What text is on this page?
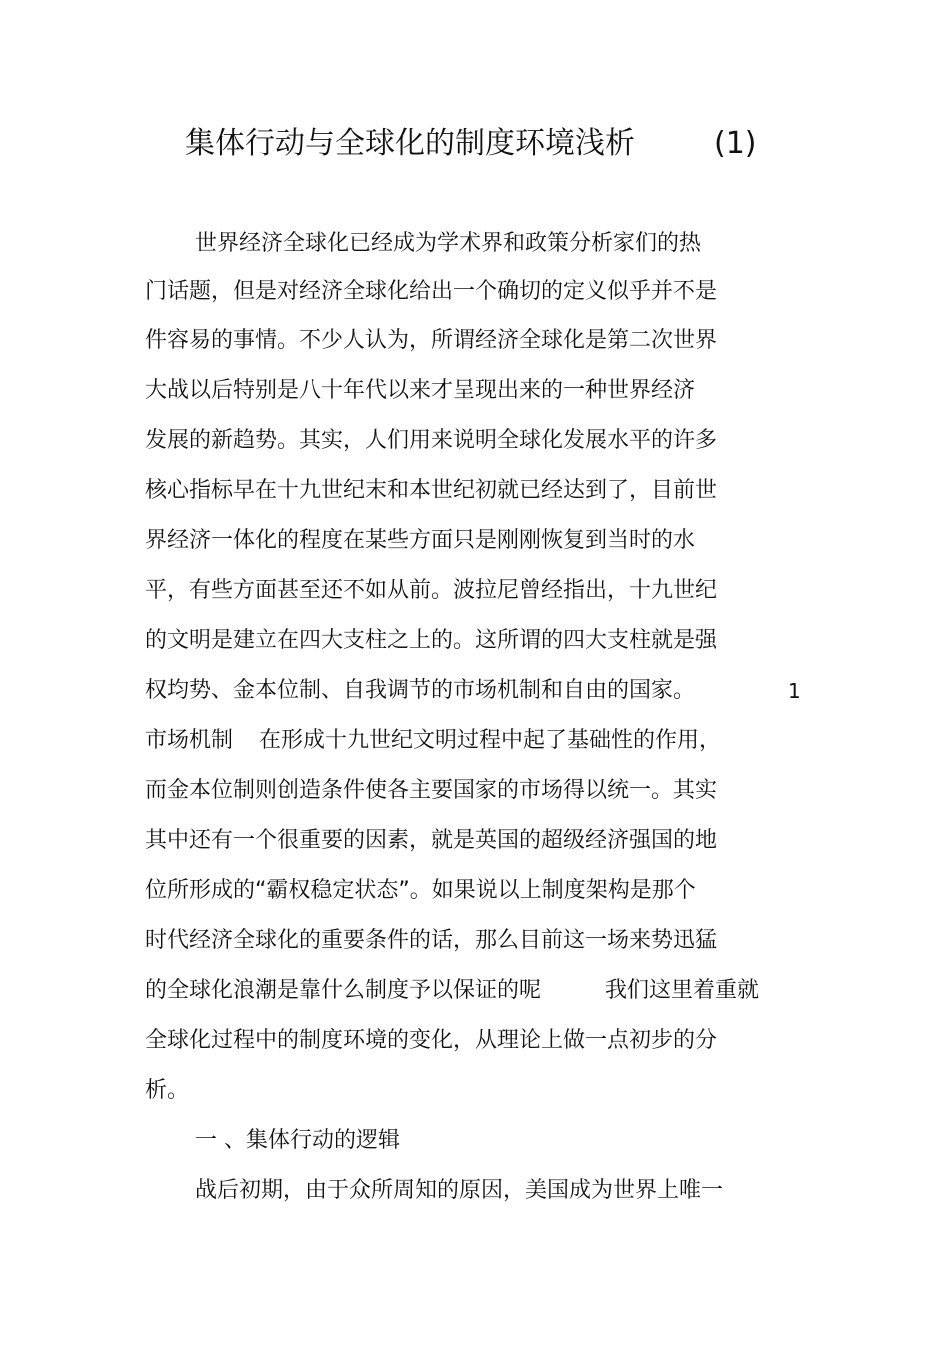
集体行动与全球化的制度环境浅析	(1)
世界经济全球化已经成为学术界和政策分析家们的热
门话题，但是对经济全球化给出一个确切的定义似乎并不是
件容易的事情。不少人认为，所谓经济全球化是第二次世界
大战以后特别是八十年代以来才呈现出来的一种世界经济
发展的新趋势。其实，人们用来说明全球化发展水平的许多
核心指标早在十九世纪末和本世纪初就已经达到了，目前世
界经济一体化的程度在某些方面只是刚刚恢复到当时的水
平，有些方面甚至还不如从前。波拉尼曾经指出，十九世纪
的文明是建立在四大支柱之上的。这所谓的四大支柱就是强
权均势、金本位制、自我调节的市场机制和自由的国家。	1
市场机制 在形成十九世纪文明过程中起了基础性的作用，
而金本位制则创造条件使各主要国家的市场得以统一。其实
其中还有一个很重要的因素，就是英国的超级经济强国的地
位所形成的“霸权稳定状态”。如果说以上制度架构是那个
时代经济全球化的重要条件的话，那么目前这一场来势迅猛
的全球化浪潮是靠什么制度予以保证的呢	我们这里着重就
全球化过程中的制度环境的变化，从理论上做一点初步的分
析。
一 、集体行动的逻辑
战后初期，由于众所周知的原因，美国成为世界上唯一
